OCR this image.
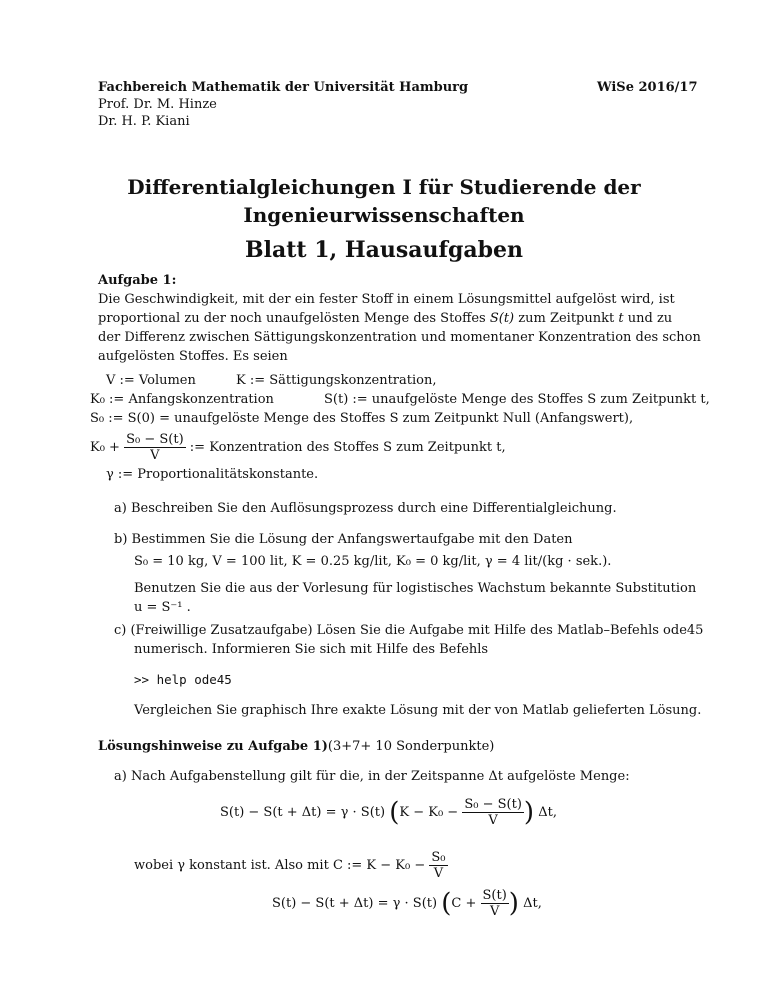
Fachbereich Mathematik der Universität Hamburg	WiSe 2016/17
Prof. Dr. M. Hinze
Dr. H. P. Kiani
Differentialgleichungen I für Studierende der
Ingenieurwissenschaften
Blatt 1, Hausaufgaben
Aufgabe 1:
Die Geschwindigkeit, mit der ein fester Stoff in einem Lösungsmittel aufgelöst wird, ist
proportional zu der noch unaufgelösten Menge des Stoffes S(t) zum Zeitpunkt t und zu
der Differenz zwischen Sättigungskonzentration und momentaner Konzentration des schon
aufgelösten Stoffes. Es seien
V := Volumen	K := Sättigungskonzentration,
K₀ := Anfangskonzentration	S(t) := unaufgelöste Menge des Stoffes S zum Zeitpunkt t,
S₀ := S(0) = unaufgelöste Menge des Stoffes S zum Zeitpunkt Null (Anfangswert),
$K_0 + \frac{\text{S₀ − S(t)}}{V}$ := Konzentration des Stoffes S zum Zeitpunkt t,
γ := Proportionalitätskonstante.
a) Beschreiben Sie den Auflösungsprozess durch eine Differentialgleichung.
b) Bestimmen Sie die Lösung der Anfangswertaufgabe mit den Daten
S₀ = 10 kg, V = 100 lit, K = 0.25 kg/lit, K₀ = 0 kg/lit, γ = 4 lit/(kg · sek.).
Benutzen Sie die aus der Vorlesung für logistisches Wachstum bekannte Substitution
u = S⁻¹ .
c) (Freiwillige Zusatzaufgabe) Lösen Sie die Aufgabe mit Hilfe des Matlab–Befehls ode45
numerisch. Informieren Sie sich mit Hilfe des Befehls
>> help ode45
Vergleichen Sie graphisch Ihre exakte Lösung mit der von Matlab gelieferten Lösung.
Lösungshinweise zu Aufgabe 1)(3+7+ 10 Sonderpunkte)
a) Nach Aufgabenstellung gilt für die, in der Zeitspanne Δt aufgelöste Menge:
S(t) − S(t + Δt) = γ · S(t) ($K - K_0 - \frac{\text{S₀ − S(t)}}{V}$ ) Δt,
wobei γ konstant ist. Also mit C := $K - K_0 - \frac{\text{S₀}}{V}$
S(t) − S(t + Δt) = γ · S(t) ($C + \frac{S(t)}{V}$ ) Δt,
